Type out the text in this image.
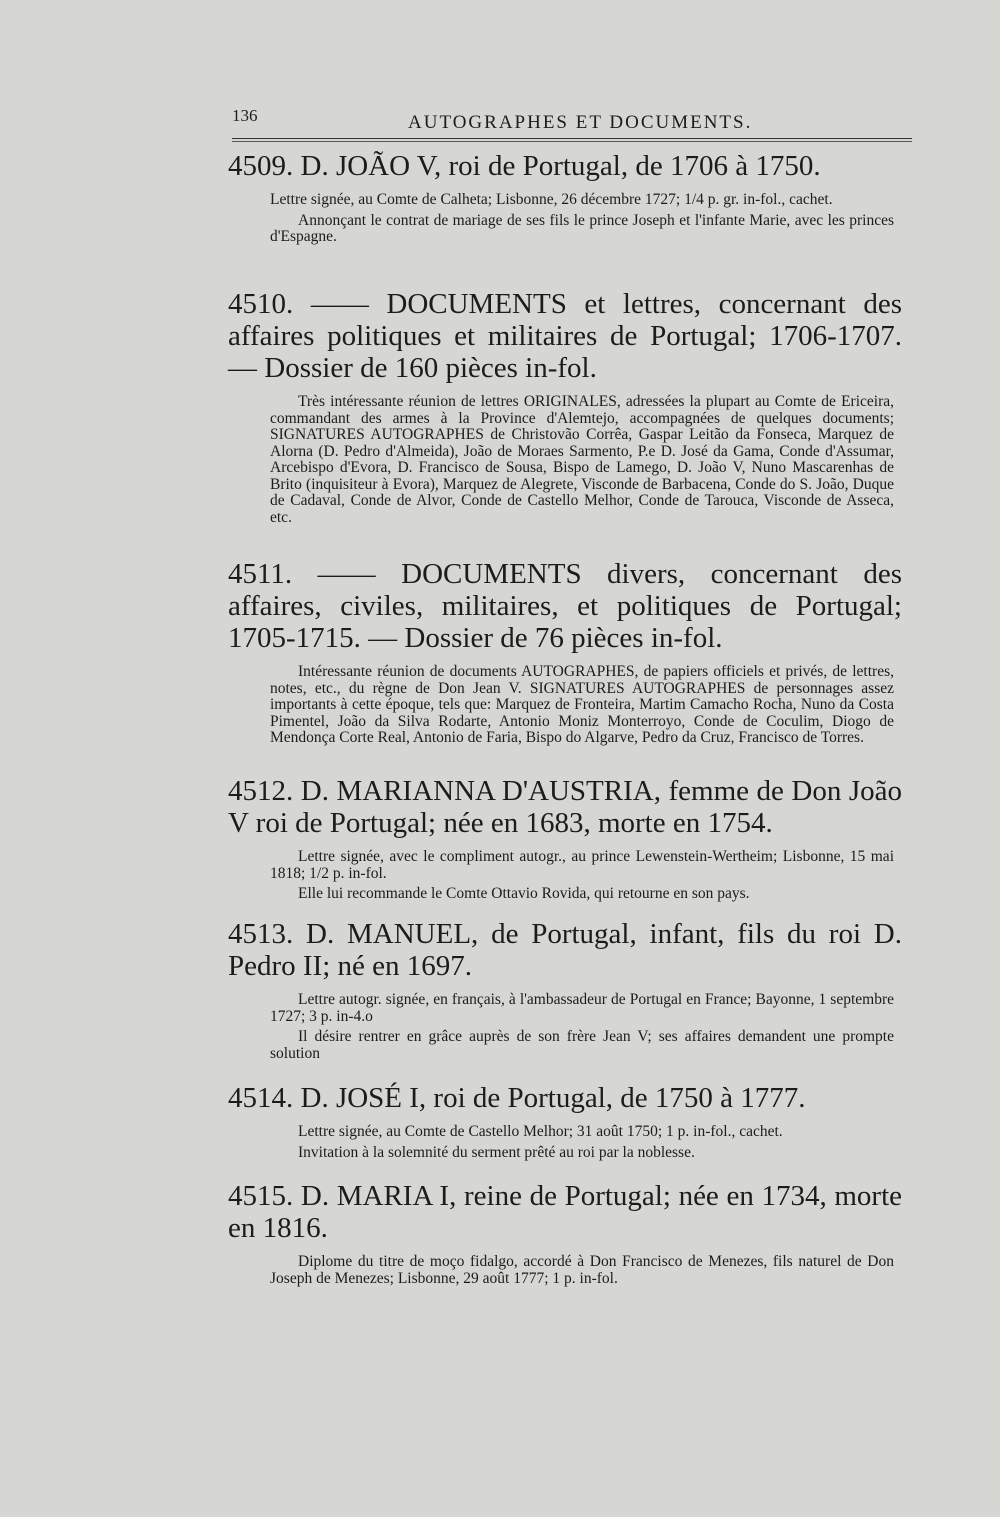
136	AUTOGRAPHES ET DOCUMENTS.
4509. D. JOÃO V, roi de Portugal, de 1706 à 1750.

Lettre signée, au Comte de Calheta; Lisbonne, 26 décembre 1727; 1/4 p. gr. in-fol., cachet.

Annonçant le contrat de mariage de ses fils le prince Joseph et l'infante Marie, avec les princes d'Espagne.

4510. —— DOCUMENTS et lettres, concernant des affaires politiques et militaires de Portugal; 1706-1707. — Dossier de 160 pièces in-fol.

Très intéressante réunion de lettres ORIGINALES, adressées la plupart au Comte de Ericeira, commandant des armes à la Province d'Alemtejo, accompagnées de quelques documents; SIGNATURES AUTOGRAPHES de Christovão Corrêa, Gaspar Leitão da Fonseca, Marquez de Alorna (D. Pedro d'Almeida), João de Moraes Sarmento, P.e D. José da Gama, Conde d'Assumar, Arcebispo d'Evora, D. Francisco de Sousa, Bispo de Lamego, D. João V, Nuno Mascarenhas de Brito (inquisiteur à Evora), Marquez de Alegrete, Visconde de Barbacena, Conde do S. João, Duque de Cadaval, Conde de Alvor, Conde de Castello Melhor, Conde de Tarouca, Visconde de Asseca, etc.

4511. —— DOCUMENTS divers, concernant des affaires, civiles, militaires, et politiques de Portugal; 1705-1715. — Dossier de 76 pièces in-fol.

Intéressante réunion de documents AUTOGRAPHES, de papiers officiels et privés, de lettres, notes, etc., du règne de Don Jean V. SIGNATURES AUTOGRAPHES de personnages assez importants à cette époque, tels que: Marquez de Fronteira, Martim Camacho Rocha, Nuno da Costa Pimentel, João da Silva Rodarte, Antonio Moniz Monterroyo, Conde de Coculim, Diogo de Mendonça Corte Real, Antonio de Faria, Bispo do Algarve, Pedro da Cruz, Francisco de Torres.

4512. D. MARIANNA D'AUSTRIA, femme de Don João V roi de Portugal; née en 1683, morte en 1754.

Lettre signée, avec le compliment autogr., au prince Lewenstein-Wertheim; Lisbonne, 15 mai 1818; 1/2 p. in-fol.

Elle lui recommande le Comte Ottavio Rovida, qui retourne en son pays.

4513. D. MANUEL, de Portugal, infant, fils du roi D. Pedro II; né en 1697.

Lettre autogr. signée, en français, à l'ambassadeur de Portugal en France; Bayonne, 1 septembre 1727; 3 p. in-4.o

Il désire rentrer en grâce auprès de son frère Jean V; ses affaires demandent une prompte solution

4514. D. JOSÉ I, roi de Portugal, de 1750 à 1777.

Lettre signée, au Comte de Castello Melhor; 31 août 1750; 1 p. in-fol., cachet.

Invitation à la solemnité du serment prêté au roi par la noblesse.

4515. D. MARIA I, reine de Portugal; née en 1734, morte en 1816.

Diplome du titre de moço fidalgo, accordé à Don Francisco de Menezes, fils naturel de Don Joseph de Menezes; Lisbonne, 29 août 1777; 1 p. in-fol.
